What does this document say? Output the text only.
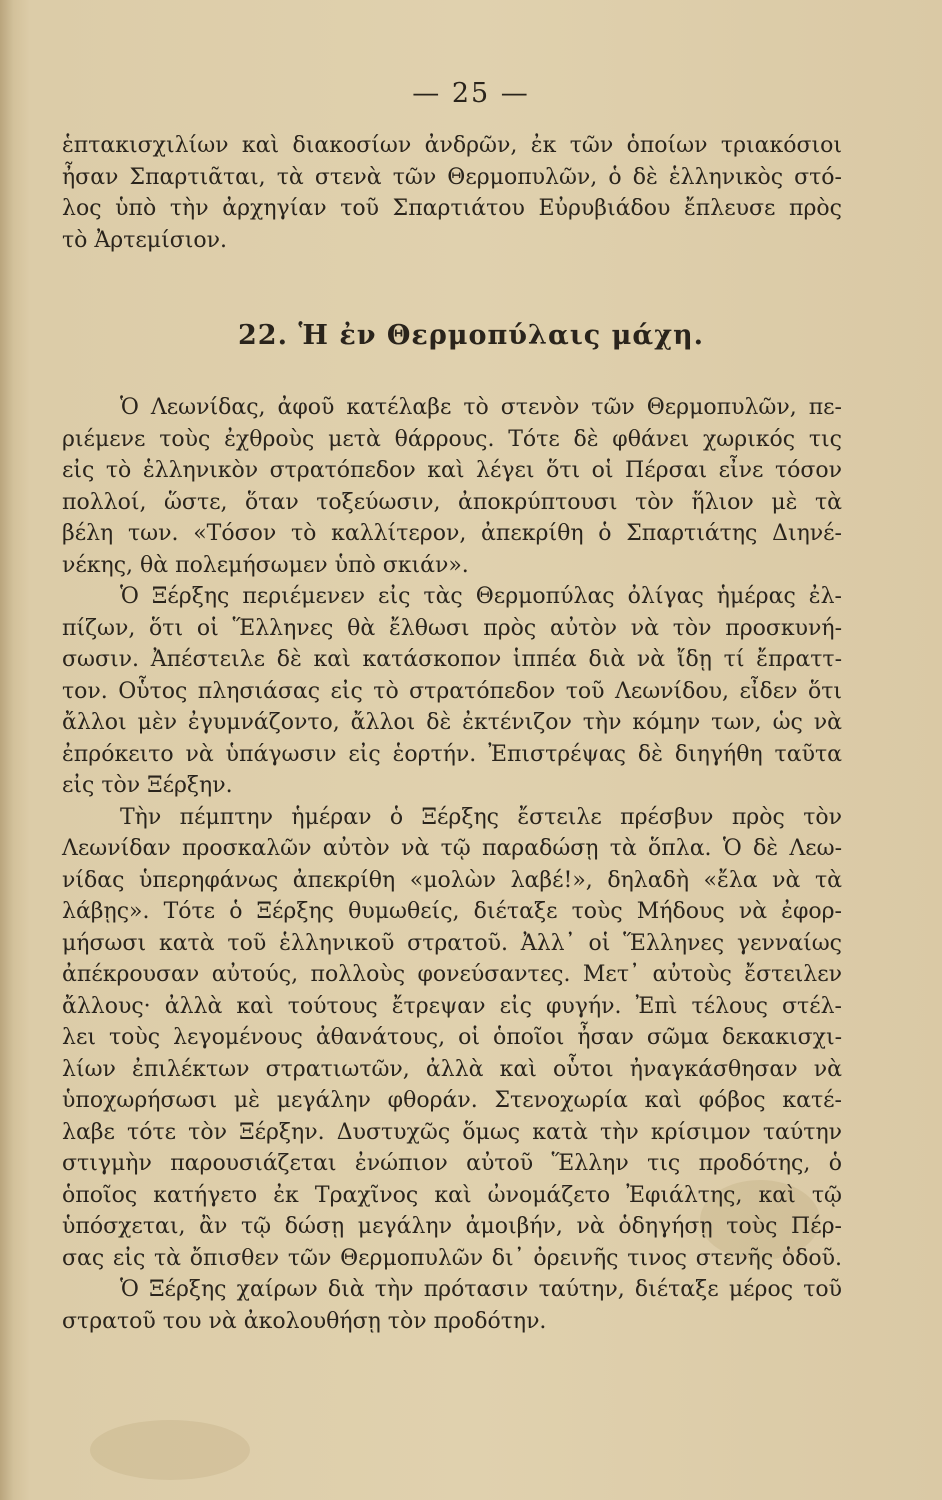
— 25 —
ἑπτακισχιλίων καὶ διακοσίων ἀνδρῶν, ἐκ τῶν ὁποίων τριακόσιοι
ἦσαν Σπαρτιᾶται, τὰ στενὰ τῶν Θερμοπυλῶν, ὁ δὲ ἑλληνικὸς στό-
λος ὑπὸ τὴν ἀρχηγίαν τοῦ Σπαρτιάτου Εὐρυβιάδου ἔπλευσε πρὸς
τὸ Ἀρτεμίσιον.
22. Ἡ ἐν Θερμοπύλαις μάχη.
Ὁ Λεωνίδας, ἀφοῦ κατέλαβε τὸ στενὸν τῶν Θερμοπυλῶν, πε-
ριέμενε τοὺς ἐχθροὺς μετὰ θάρρους. Τότε δὲ φθάνει χωρικός τις
εἰς τὸ ἑλληνικὸν στρατόπεδον καὶ λέγει ὅτι οἱ Πέρσαι εἶνε τόσον
πολλοί, ὥστε, ὅταν τοξεύωσιν, ἀποκρύπτουσι τὸν ἥλιον μὲ τὰ
βέλη των. «Τόσον τὸ καλλίτερον, ἀπεκρίθη ὁ Σπαρτιάτης Διηνέ-
νέκης, θὰ πολεμήσωμεν ὑπὸ σκιάν».
Ὁ Ξέρξης περιέμενεν εἰς τὰς Θερμοπύλας ὀλίγας ἡμέρας ἐλ-
πίζων, ὅτι οἱ Ἕλληνες θὰ ἔλθωσι πρὸς αὐτὸν νὰ τὸν προσκυνή-
σωσιν. Ἀπέστειλε δὲ καὶ κατάσκοπον ἱππέα διὰ νὰ ἴδῃ τί ἔπραττ-
τον. Οὗτος πλησιάσας εἰς τὸ στρατόπεδον τοῦ Λεωνίδου, εἶδεν ὅτι
ἄλλοι μὲν ἐγυμνάζοντο, ἄλλοι δὲ ἐκτένιζον τὴν κόμην των, ὡς νὰ
ἐπρόκειτο νὰ ὑπάγωσιν εἰς ἑορτήν. Ἐπιστρέψας δὲ διηγήθη ταῦτα
εἰς τὸν Ξέρξην.
Τὴν πέμπτην ἡμέραν ὁ Ξέρξης ἔστειλε πρέσβυν πρὸς τὸν
Λεωνίδαν προσκαλῶν αὐτὸν νὰ τῷ παραδώσῃ τὰ ὅπλα. Ὁ δὲ Λεω-
νίδας ὑπερηφάνως ἀπεκρίθη «μολὼν λαβέ!», δηλαδὴ «ἔλα νὰ τὰ
λάβῃς». Τότε ὁ Ξέρξης θυμωθείς, διέταξε τοὺς Μήδους νὰ ἐφορ-
μήσωσι κατὰ τοῦ ἑλληνικοῦ στρατοῦ. Ἀλλ᾽ οἱ Ἕλληνες γενναίως
ἀπέκρουσαν αὐτούς, πολλοὺς φονεύσαντες. Μετ᾽ αὐτοὺς ἔστειλεν
ἄλλους· ἀλλὰ καὶ τούτους ἔτρεψαν εἰς φυγήν. Ἐπὶ τέλους στέλ-
λει τοὺς λεγομένους ἀθανάτους, οἱ ὁποῖοι ἦσαν σῶμα δεκακισχι-
λίων ἐπιλέκτων στρατιωτῶν, ἀλλὰ καὶ οὗτοι ἠναγκάσθησαν νὰ
ὑποχωρήσωσι μὲ μεγάλην φθοράν. Στενοχωρία καὶ φόβος κατέ-
λαβε τότε τὸν Ξέρξην. Δυστυχῶς ὅμως κατὰ τὴν κρίσιμον ταύτην
στιγμὴν παρουσιάζεται ἐνώπιον αὐτοῦ Ἕλλην τις προδότης, ὁ
ὁποῖος κατήγετο ἐκ Τραχῖνος καὶ ὠνομάζετο Ἐφιάλτης, καὶ τῷ
ὑπόσχεται, ἂν τῷ δώσῃ μεγάλην ἀμοιβήν, νὰ ὁδηγήσῃ τοὺς Πέρ-
σας εἰς τὰ ὄπισθεν τῶν Θερμοπυλῶν δι᾽ ὀρεινῆς τινος στενῆς ὁδοῦ.
Ὁ Ξέρξης χαίρων διὰ τὴν πρότασιν ταύτην, διέταξε μέρος τοῦ
στρατοῦ του νὰ ἀκολουθήσῃ τὸν προδότην.
